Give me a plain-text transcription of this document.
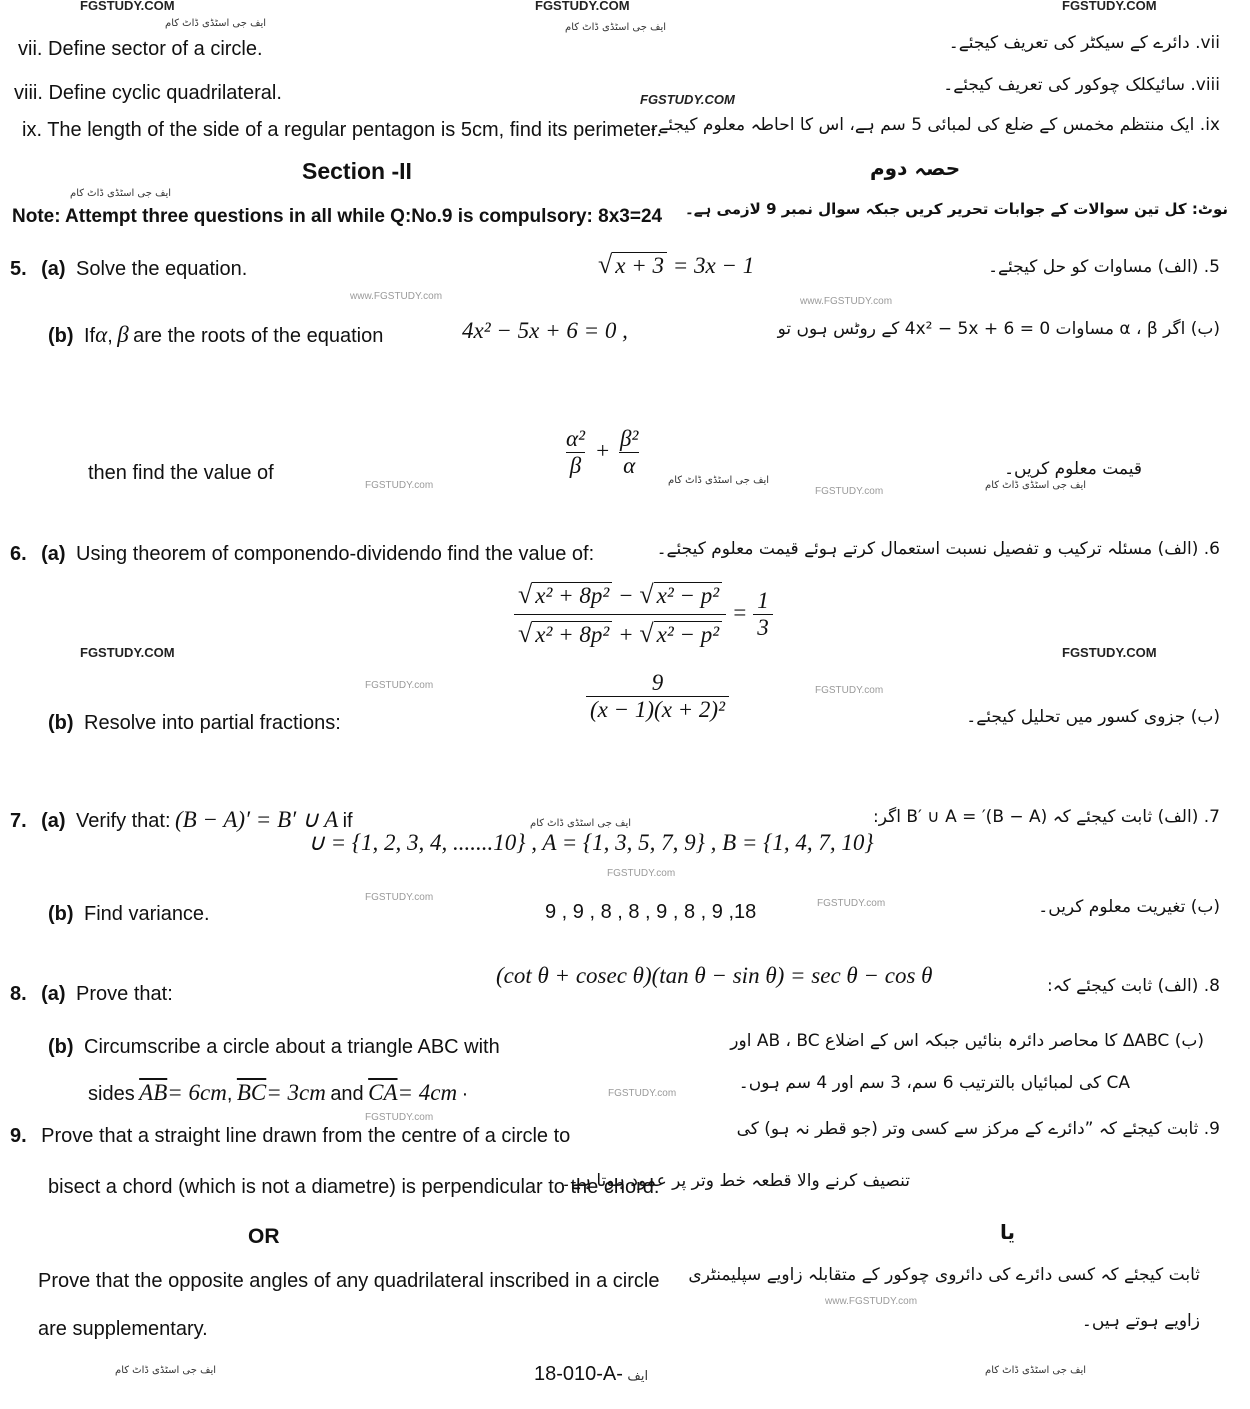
FGSTUDY.COM	FGSTUDY.COM	FGSTUDY.COM
ایف جی اسٹڈی ڈاٹ کام	ایف جی اسٹڈی ڈاٹ کام
vii. Define sector of a circle.	vii. دائرے کے سیکٹر کی تعریف کیجئے۔
viii. Define cyclic quadrilateral.	viii. سائیکلک چوکور کی تعریف کیجئے۔
FGSTUDY.COM
ix. The length of the side of a regular pentagon is 5cm, find its perimeter.	ix. ایک منتظم مخمس کے ضلع کی لمبائی 5 سم ہے، اس کا احاطہ معلوم کیجئے۔
Section -II	حصہ دوم
ایف جی اسٹڈی ڈاٹ کام
Note: Attempt three questions in all while Q:No.9 is compulsory: 8x3=24 نوٹ: کل تین سوالات کے جوابات تحریر کریں جبکہ سوال نمبر 9 لازمی ہے۔
5. (a) Solve the equation.	√ x + 3 = 3x − 1	5. (الف) مساوات کو حل کیجئے۔
www.FGSTUDY.com	www.FGSTUDY.com
(b) Ifα, β are the roots of the equation	4x² − 5x + 6 = 0 ,	(ب) اگر α ، β مساوات 4x² − 5x + 6 = 0 کے روٹس ہوں تو
then find the value of
FGSTUDY.com
$\frac{\text{α²}}{\beta} + \frac{\text{β²}}{\alpha}$
ایف جی اسٹڈی ڈاٹ کام
FGSTUDY.com
قیمت معلوم کریں۔
ایف جی اسٹڈی ڈاٹ کام
6. (a) Using theorem of componendo-dividendo find the value of:	6. (الف) مسئلہ ترکیب و تفصیل نسبت استعمال کرتے ہوئے قیمت معلوم کیجئے۔
$\frac{\text{√ x² + 8p² − √ x² − p²}}{\text{√ x² + 8p² + √ x² − p²}} = \frac{1}{3}$
FGSTUDY.COM	FGSTUDY.COM
FGSTUDY.com	FGSTUDY.com
(b) Resolve into partial fractions:	$\frac{9}{\text{(x − 1)(x + 2)²}}$	(ب) جزوی کسور میں تحلیل کیجئے۔
7. (a) Verify that: (B − A)′ = B′ ∪ A if	ایف جی اسٹڈی ڈاٹ کام	7. (الف) ثابت کیجئے کہ (B − A)′ = B′ ∪ A اگر:
∪ = {1, 2, 3, 4, .......10} , A = {1, 3, 5, 7, 9} , B = {1, 4, 7, 10}
FGSTUDY.com
FGSTUDY.com
(b) Find variance.	9 , 9 , 8 , 8 , 9 , 8 , 9 ,18	FGSTUDY.com	(ب) تغیریت معلوم کریں۔
8. (a) Prove that:
(cot θ + cosec θ)(tan θ − sin θ) = sec θ − cos θ	8. (الف) ثابت کیجئے کہ:
(b) Circumscribe a circle about a triangle ABC with	(ب) ΔABC کا محاصر دائرہ بنائیں جبکہ اس کے اضلاع AB ، BC اور
sides $\overline{AB}= 6cm$, $\overline{BC}= 3cm$ and $\overline{CA}= 4cm$ ·	FGSTUDY.com
CA کی لمبائیاں بالترتیب 6 سم، 3 سم اور 4 سم ہوں۔
FGSTUDY.com
9. Prove that a straight line drawn from the centre of a circle to	9. ثابت کیجئے کہ ”دائرے کے مرکز سے کسی وتر (جو قطر نہ ہو) کی
bisect a chord (which is not a diametre) is perpendicular to the chord.
تنصیف کرنے والا قطعہ خط وتر پر عمود ہوتا ہے۔
OR	یا
Prove that the opposite angles of any quadrilateral inscribed in a circle ثابت کیجئے کہ کسی دائرے کی دائروی چوکور کے متقابلہ زاویے سپلیمنٹری
www.FGSTUDY.com
are supplementary.	زاویے ہوتے ہیں۔
ایف جی اسٹڈی ڈاٹ کام	18-010-A- ایف	ایف جی اسٹڈی ڈاٹ کام
